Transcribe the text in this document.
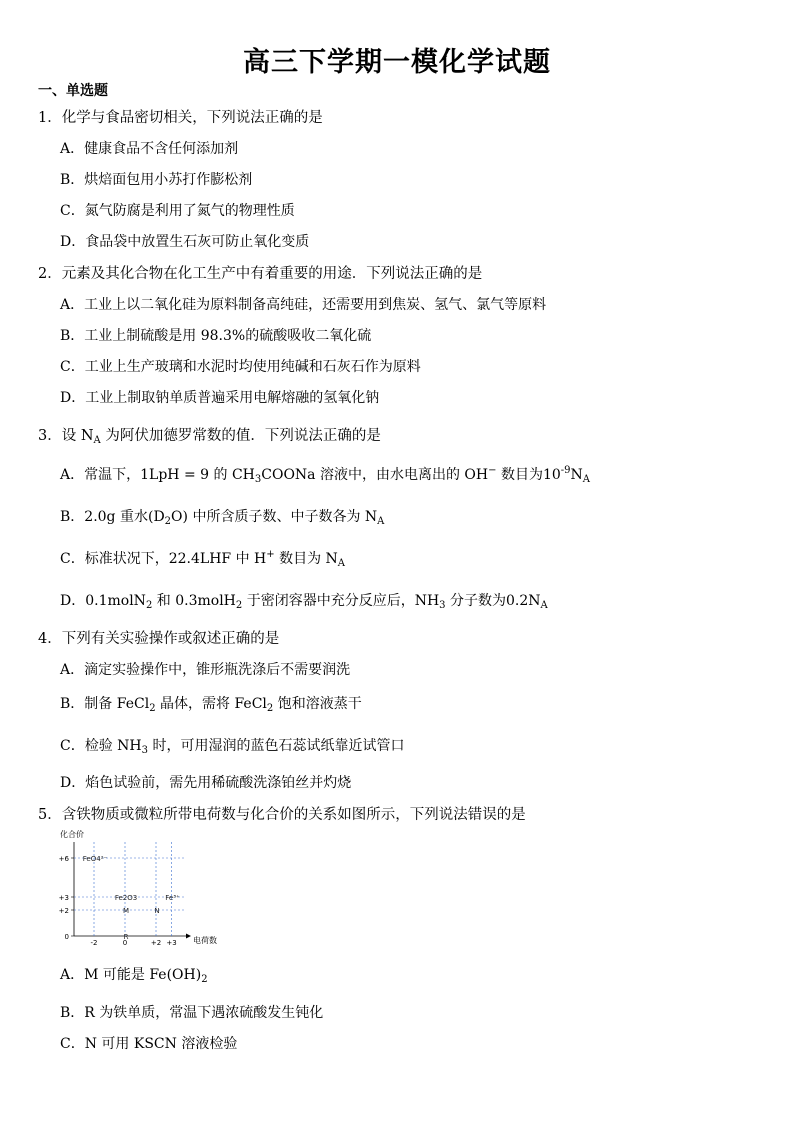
高三下学期一模化学试题
一、单选题
1．化学与食品密切相关，下列说法正确的是
A．健康食品不含任何添加剂
B．烘焙面包用小苏打作膨松剂
C．氮气防腐是利用了氮气的物理性质
D．食品袋中放置生石灰可防止氧化变质
2．元素及其化合物在化工生产中有着重要的用途．下列说法正确的是
A．工业上以二氧化硅为原料制备高纯硅，还需要用到焦炭、氢气、氯气等原料
B．工业上制硫酸是用 98.3%的硫酸吸收二氧化硫
C．工业上生产玻璃和水泥时均使用纯碱和石灰石作为原料
D．工业上制取钠单质普遍采用电解熔融的氢氧化钠
3．设 $N_A$ 为阿伏加德罗常数的值．下列说法正确的是
A．常温下，1LpH = 9 的 $CH_3COONa$ 溶液中，由水电离出的 OH− 数目为$10^{-9}N_A$
B．2.0g 重水$(D_2O)$ 中所含质子数、中子数各为 $N_A$
C．标准状况下，22.4LHF 中 H+ 数目为 $N_A$
D．0.1molN$_2$ 和 0.3molH$_2$ 于密闭容器中充分反应后，$NH_3$ 分子数为$0.2N_A$
4．下列有关实验操作或叙述正确的是
A．滴定实验操作中，锥形瓶洗涤后不需要润洗
B．制备 FeCl$_2$ 晶体，需将 FeCl$_2$ 饱和溶液蒸干
C．检验 $NH_3$ 时，可用湿润的蓝色石蕊试纸靠近试管口
D．焰色试验前，需先用稀硫酸洗涤铂丝并灼烧
5．含铁物质或微粒所带电荷数与化合价的关系如图所示，下列说法错误的是
化合价
电荷数
+6
+3
+2
0
-2	0	+2 +3
FeO4²⁻
Fe2O3	Fe³⁺
M	N
R
A．M 可能是 $Fe(OH)_2$
B．R 为铁单质，常温下遇浓硫酸发生钝化
C．N 可用 KSCN 溶液检验
